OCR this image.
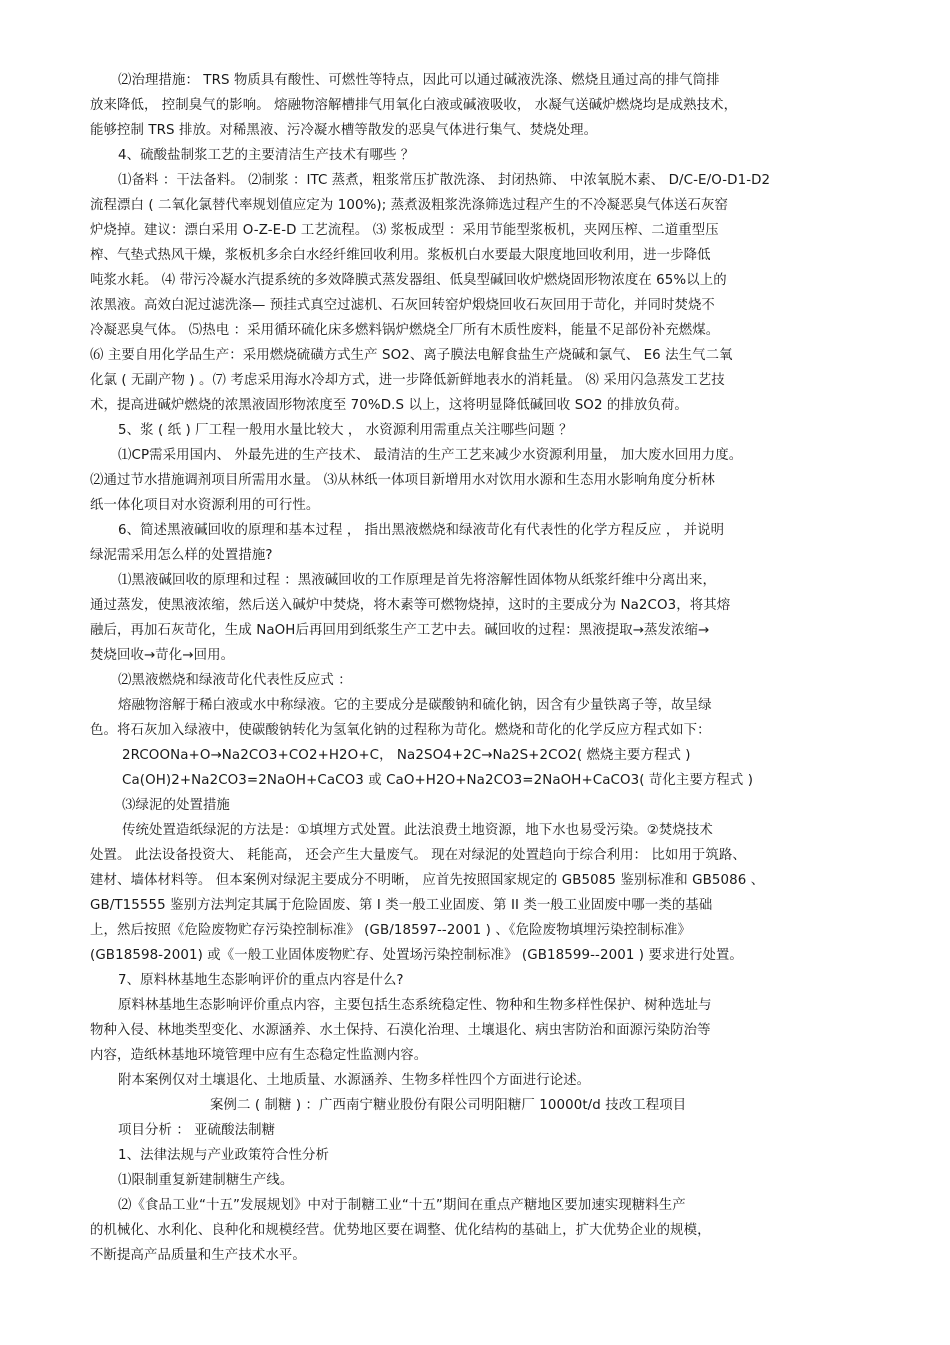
⑵治理措施： TRS 物质具有酸性、可燃性等特点，因此可以通过碱液洗涤、燃烧且通过高的排气筒排
放来降低， 控制臭气的影响。 熔融物溶解槽排气用氧化白液或碱液吸收， 水凝气送碱炉燃烧均是成熟技术，
能够控制 TRS 排放。对稀黑液、污冷凝水槽等散发的恶臭气体进行集气、焚烧处理。
4、硫酸盐制浆工艺的主要清洁生产技术有哪些 ？
⑴备料 ：干法备料。 ⑵制浆 ：ITC 蒸煮，粗浆常压扩散洗涤、 封闭热筛、 中浓氧脱木素、 D/C-E/O-D1-D2
流程漂白 ( 二氧化氯替代率规划值应定为 100%); 蒸煮汲粗浆洗涤筛选过程产生的不冷凝恶臭气体送石灰窑
炉烧掉。建议：漂白采用 O-Z-E-D 工艺流程。 ⑶ 浆板成型 ：采用节能型浆板机，夹网压榨、二道重型压
榨、气垫式热风干燥，浆板机多余白水经纤维回收利用。浆板机白水要最大限度地回收利用，进一步降低
吨浆水耗。 ⑷ 带污冷凝水汽提系统的多效降膜式蒸发器组、低臭型碱回收炉燃烧固形物浓度在 65%以上的
浓黑液。高效白泥过滤洗涤— 预挂式真空过滤机、石灰回转窑炉煅烧回收石灰回用于苛化，并同时焚烧不
冷凝恶臭气体。 ⑸热电 ：采用循环硫化床多燃料锅炉燃烧全厂所有木质性废料，能量不足部份补充燃煤。
⑹ 主要自用化学品生产：采用燃烧硫磺方式生产 SO2、离子膜法电解食盐生产烧碱和氯气、 E6 法生气二氧
化氯 ( 无副产物 ) 。⑺ 考虑采用海水冷却方式，进一步降低新鲜地表水的消耗量。 ⑻ 采用闪急蒸发工艺技
术，提高进碱炉燃烧的浓黑液固形物浓度至 70%D.S 以上，这将明显降低碱回收 SO2 的排放负荷。
5、浆 ( 纸 ) 厂工程一般用水量比较大 ， 水资源利用需重点关注哪些问题 ？
⑴CP需采用国内、 外最先进的生产技术、 最清洁的生产工艺来减少水资源利用量， 加大废水回用力度。
⑵通过节水措施调剂项目所需用水量。 ⑶从林纸一体项目新增用水对饮用水源和生态用水影响角度分析林
纸一体化项目对水资源利用的可行性。
6、简述黑液碱回收的原理和基本过程 ， 指出黑液燃烧和绿液苛化有代表性的化学方程反应 ， 并说明
绿泥需采用怎么样的处置措施?
⑴黑液碱回收的原理和过程 ：黑液碱回收的工作原理是首先将溶解性固体物从纸浆纤维中分离出来，
通过蒸发，使黑液浓缩，然后送入碱炉中焚烧，将木素等可燃物烧掉，这时的主要成分为 Na2CO3，将其熔
融后，再加石灰苛化，生成 NaOH后再回用到纸浆生产工艺中去。碱回收的过程：黑液提取→蒸发浓缩→
焚烧回收→苛化→回用。
⑵黑液燃烧和绿液苛化代表性反应式 ：
熔融物溶解于稀白液或水中称绿液。它的主要成分是碳酸钠和硫化钠，因含有少量铁离子等，故呈绿
色。将石灰加入绿液中，使碳酸钠转化为氢氧化钠的过程称为苛化。燃烧和苛化的化学反应方程式如下：
2RCOONa+O→Na2CO3+CO2+H2O+C， Na2SO4+2C→Na2S+2CO2( 燃烧主要方程式 )
Ca(OH)2+Na2CO3=2NaOH+CaCO3 或 CaO+H2O+Na2CO3=2NaOH+CaCO3( 苛化主要方程式 )
⑶绿泥的处置措施
传统处置造纸绿泥的方法是：①填埋方式处置。此法浪费土地资源，地下水也易受污染。②焚烧技术
处置。 此法设备投资大、 耗能高， 还会产生大量废气。 现在对绿泥的处置趋向于综合利用： 比如用于筑路、
建材、墙体材料等。 但本案例对绿泥主要成分不明晰， 应首先按照国家规定的 GB5085 鉴别标准和 GB5086 、
GB/T15555 鉴别方法判定其属于危险固废、第 I 类一般工业固废、第 II 类一般工业固废中哪一类的基础
上，然后按照《危险废物贮存污染控制标准》 (GB/18597--2001 ) 、《危险废物填埋污染控制标准》
(GB18598-2001) 或《一般工业固体废物贮存、处置场污染控制标准》 (GB18599--2001 ) 要求进行处置。
7、原料林基地生态影响评价的重点内容是什么?
原料林基地生态影响评价重点内容，主要包括生态系统稳定性、物种和生物多样性保护、树种选址与
物种入侵、林地类型变化、水源涵养、水土保持、石漠化治理、土壤退化、病虫害防治和面源污染防治等
内容，造纸林基地环境管理中应有生态稳定性监测内容。
附本案例仅对土壤退化、土地质量、水源涵养、生物多样性四个方面进行论述。
案例二 ( 制糖 ) ：广西南宁糖业股份有限公司明阳糖厂 10000t/d 技改工程项目
项目分析 ： 亚硫酸法制糖
1、法律法规与产业政策符合性分析
⑴限制重复新建制糖生产线。
⑵《食品工业“十五”发展规划》中对于制糖工业“十五”期间在重点产糖地区要加速实现糖料生产
的机械化、水利化、良种化和规模经营。优势地区要在调整、优化结构的基础上，扩大优势企业的规模，
不断提高产品质量和生产技术水平。
